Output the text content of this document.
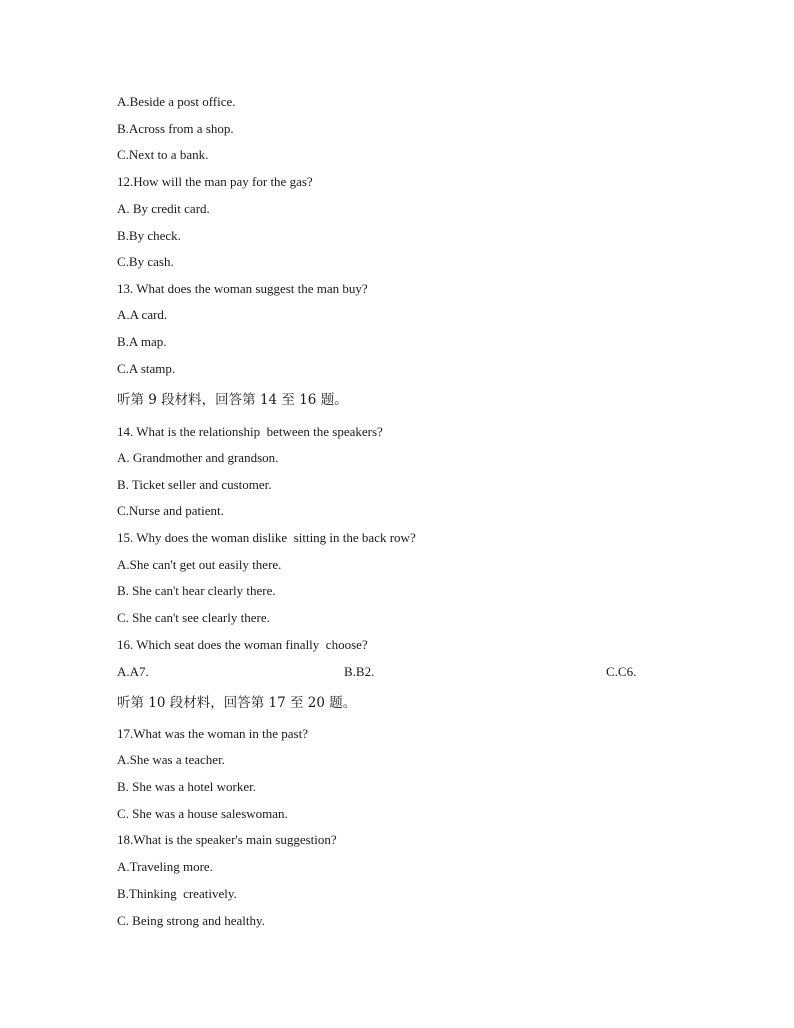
A.Beside a post office.
B.Across from a shop.
C.Next to a bank.
12.How will the man pay for the gas?
A. By credit card.
B.By check.
C.By cash.
13. What does the woman suggest the man buy?
A.A card.
B.A map.
C.A stamp.
听第 9 段材料，回答第 14 至 16 题。
14. What is the relationship  between the speakers?
A. Grandmother and grandson.
B. Ticket seller and customer.
C.Nurse and patient.
15. Why does the woman dislike  sitting in the back row?
A.She can't get out easily there.
B. She can't hear clearly there.
C. She can't see clearly there.
16. Which seat does the woman finally  choose?
A.A7.	B.B2.	C.C6.
听第 10 段材料，回答第 17 至 20 题。
17.What was the woman in the past?
A.She was a teacher.
B. She was a hotel worker.
C. She was a house saleswoman.
18.What is the speaker's main suggestion?
A.Traveling more.
B.Thinking  creatively.
C. Being strong and healthy.
